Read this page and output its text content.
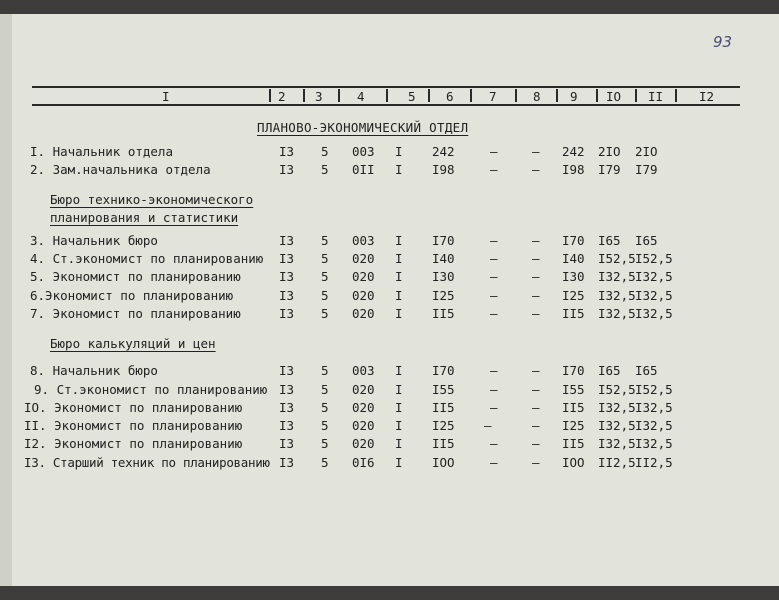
93
I	2 3	4	5 6	7	8 9 IO II	I2
ПЛАНОВО-ЭКОНОМИЧЕСКИЙ ОТДЕЛ
Бюро технико-экономического
планирования и статистики
Бюро калькуляций и цен
I. Начальник отдела	I3 5 003 I 242	–	– 242 2IO 2IO
2. Зам.начальника отдела	I3 5 0II I I98	–	– I98 I79 I79
3. Начальник бюро	I3 5 003 I I70	–	– I70 I65 I65
4. Ст.экономист по планированию I3 5 020 I I40	–	– I40 I52,5 I52,5
5. Экономист по планированию	I3 5 020 I I30	–	– I30 I32,5 I32,5
6.Экономист по планированию	I3 5 020 I I25	–	– I25 I32,5 I32,5
7. Экономист по планированию	I3 5 020 I II5	–	– II5 I32,5 I32,5
8. Начальник бюро	I3 5 003 I I70	–	– I70 I65 I65
9. Ст.экономист по планированию I3 5 020 I I55	–	– I55 I52,5 I52,5
IO. Экономист по планированию	I3 5 020 I II5	–	– II5 I32,5 I32,5
II. Экономист по планированию	I3 5 020 I I25 –	– I25 I32,5 I32,5
I2. Экономист по планированию	I3 5 020 I II5	–	– II5 I32,5 I32,5
I3. Старший техник по планированию I3 5 0I6 I IOO	–	– IOO II2,5 II2,5
